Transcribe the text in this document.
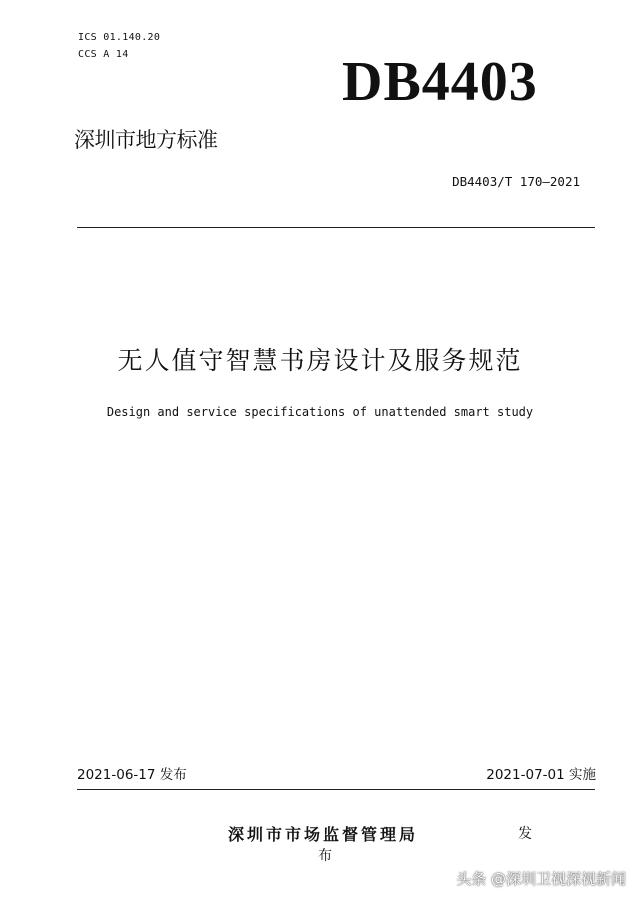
ICS 01.140.20
CCS A 14	DB4403
深圳市地方标准
DB4403/T 170—2021
无人值守智慧书房设计及服务规范
Design and service specifications of unattended smart study
2021-06-17 发布	2021-07-01 实施
深圳市市场监督管理局	发
布
头条 @深圳卫视深视新闻
